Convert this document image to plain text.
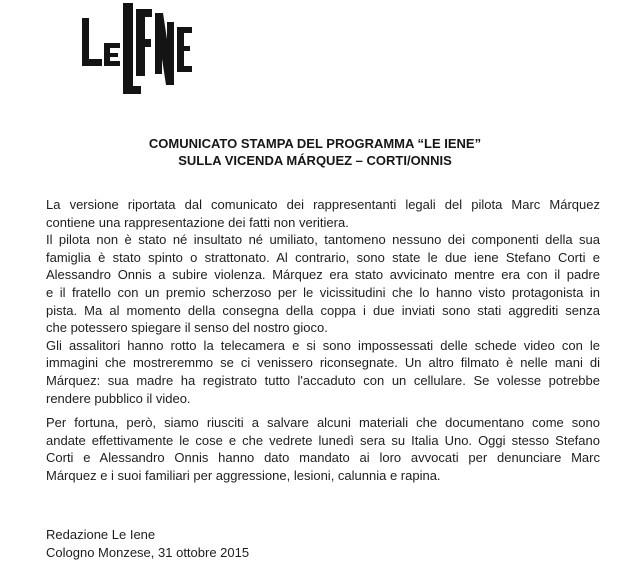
COMUNICATO STAMPA DEL PROGRAMMA “LE IENE”
SULLA VICENDA MÁRQUEZ – CORTI/ONNIS
La versione riportata dal comunicato dei rappresentanti legali del pilota Marc Márquez
contiene una rappresentazione dei fatti non veritiera.
Il pilota non è stato né insultato né umiliato, tantomeno nessuno dei componenti della sua
famiglia è stato spinto o strattonato. Al contrario, sono state le due iene Stefano Corti e
Alessandro Onnis a subire violenza. Márquez era stato avvicinato mentre era con il padre
e il fratello con un premio scherzoso per le vicissitudini che lo hanno visto protagonista in
pista. Ma al momento della consegna della coppa i due inviati sono stati aggrediti senza
che potessero spiegare il senso del nostro gioco.
Gli assalitori hanno rotto la telecamera e si sono impossessati delle schede video con le
immagini che mostreremmo se ci venissero riconsegnate. Un altro filmato è nelle mani di
Márquez: sua madre ha registrato tutto l'accaduto con un cellulare. Se volesse potrebbe
rendere pubblico il video.
Per fortuna, però, siamo riusciti a salvare alcuni materiali che documentano come sono
andate effettivamente le cose e che vedrete lunedì sera su Italia Uno. Oggi stesso Stefano
Corti e Alessandro Onnis hanno dato mandato ai loro avvocati per denunciare Marc
Márquez e i suoi familiari per aggressione, lesioni, calunnia e rapina.
Redazione Le Iene
Cologno Monzese, 31 ottobre 2015
